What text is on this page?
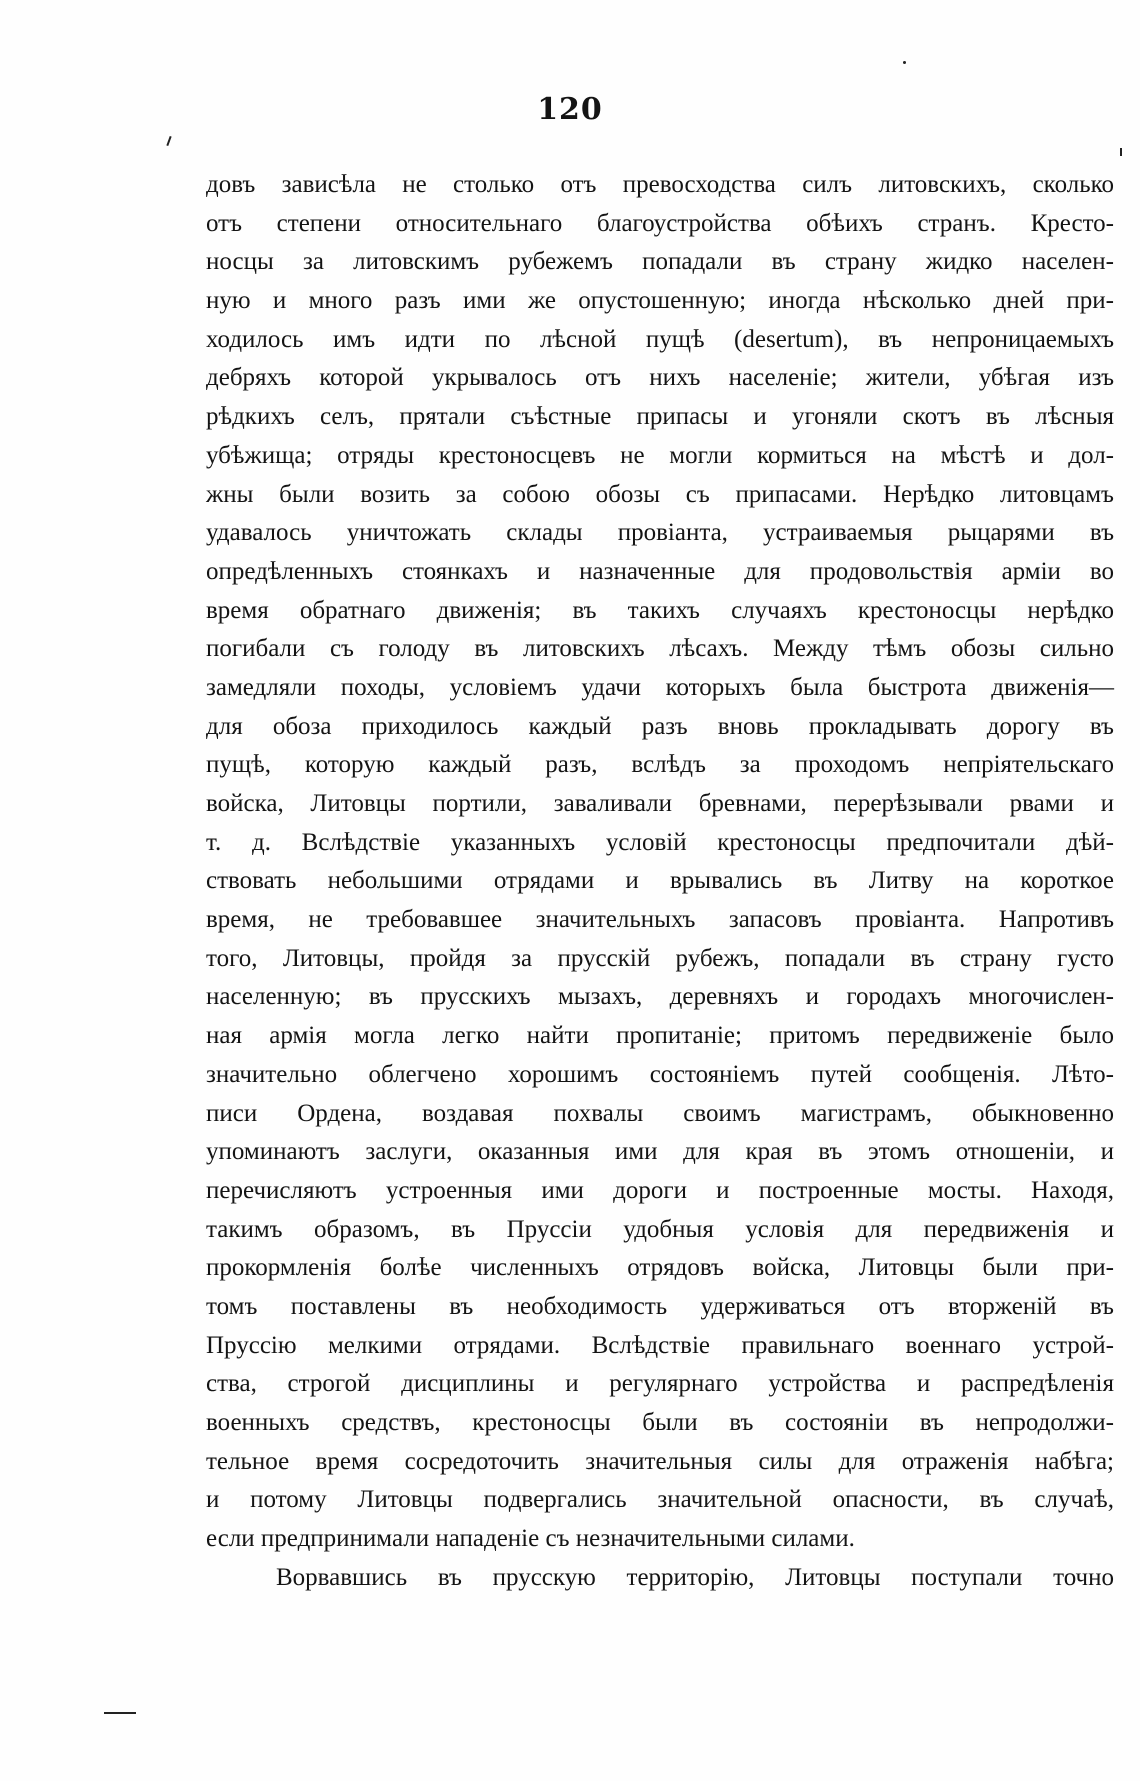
120
довъ зависѣла не столько отъ превосходства силъ литовскихъ, сколько
отъ степени относительнаго благоустройства обѣихъ странъ. Кресто-
носцы за литовскимъ рубежемъ попадали въ страну жидко населен-
ную и много разъ ими же опустошенную; иногда нѣсколько дней при-
ходилось имъ идти по лѣсной пущѣ (desertum), въ непроницаемыхъ
дебряхъ которой укрывалось отъ нихъ населеніе; жители, убѣгая изъ
рѣдкихъ селъ, прятали съѣстные припасы и угоняли скотъ въ лѣсныя
убѣжища; отряды крестоносцевъ не могли кормиться на мѣстѣ и дол-
жны были возить за собою обозы съ припасами. Нерѣдко литовцамъ
удавалось уничтожать склады провіанта, устраиваемыя рыцарями въ
опредѣленныхъ стоянкахъ и назначенные для продовольствія арміи во
время обратнаго движенія; въ такихъ случаяхъ крестоносцы нерѣдко
погибали съ голоду въ литовскихъ лѣсахъ. Между тѣмъ обозы сильно
замедляли походы, условіемъ удачи которыхъ была быстрота движенія—
для обоза приходилось каждый разъ вновь прокладывать дорогу въ
пущѣ, которую каждый разъ, вслѣдъ за проходомъ непріятельскаго
войска, Литовцы портили, заваливали бревнами, перерѣзывали рвами и
т. д. Вслѣдствіе указанныхъ условій крестоносцы предпочитали дѣй-
ствовать небольшими отрядами и врывались въ Литву на короткое
время, не требовавшее значительныхъ запасовъ провіанта. Напротивъ
того, Литовцы, пройдя за прусскій рубежъ, попадали въ страну густо
населенную; въ прусскихъ мызахъ, деревняхъ и городахъ многочислен-
ная армія могла легко найти пропитаніе; притомъ передвиженіе было
значительно облегчено хорошимъ состояніемъ путей сообщенія. Лѣто-
писи Ордена, воздавая похвалы своимъ магистрамъ, обыкновенно
упоминаютъ заслуги, оказанныя ими для края въ этомъ отношеніи, и
перечисляютъ устроенныя ими дороги и построенные мосты. Находя,
такимъ образомъ, въ Пруссіи удобныя условія для передвиженія и
прокормленія болѣе численныхъ отрядовъ войска, Литовцы были при-
томъ поставлены въ необходимость удерживаться отъ вторженій въ
Пруссію мелкими отрядами. Вслѣдствіе правильнаго военнаго устрой-
ства, строгой дисциплины и регулярнаго устройства и распредѣленія
военныхъ средствъ, крестоносцы были въ состояніи въ непродолжи-
тельное время сосредоточить значительныя силы для отраженія набѣга;
и потому Литовцы подвергались значительной опасности, въ случаѣ,
если предпринимали нападеніе съ незначительными силами.
Ворвавшись въ прусскую территорію, Литовцы поступали точно
